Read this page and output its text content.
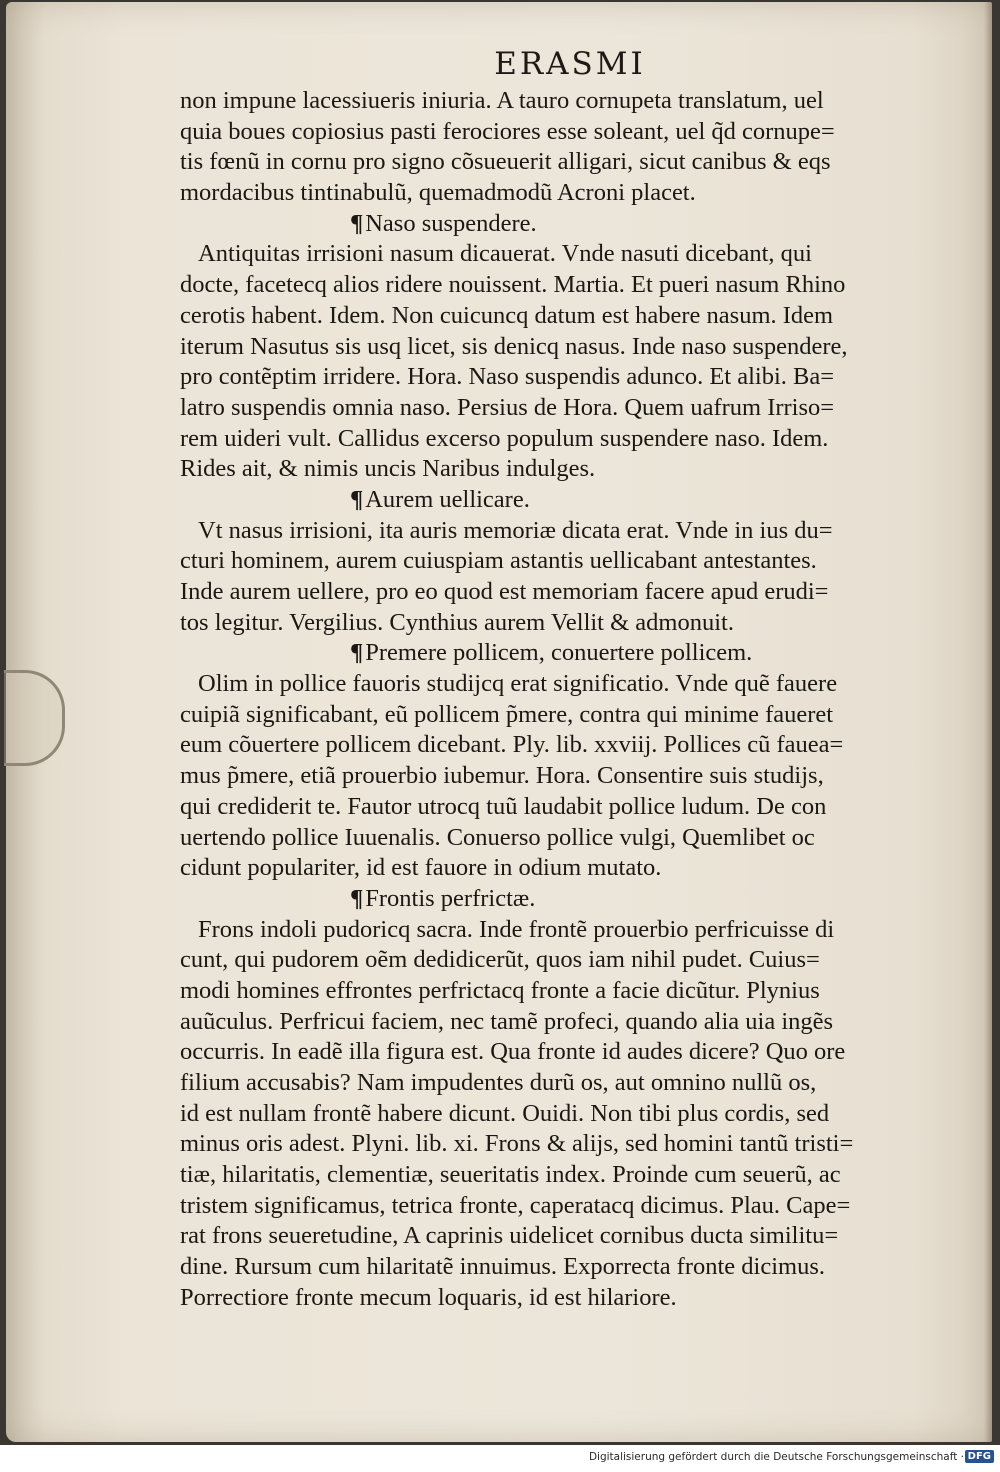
ERASMI
non impune lacessiueris iniuria. A tauro cornupeta translatum, uel
quia boues copiosius pasti ferociores esse soleant, uel q̃d cornupe=
tis fœnũ in cornu pro signo cõsueuerit alligari, sicut canibus & eqs
mordacibus tintinabulũ, quemadmodũ Acroni placet.
¶Naso suspendere.
Antiquitas irrisioni nasum dicauerat. Vnde nasuti dicebant, qui
docte, facetecq alios ridere nouissent. Martia. Et pueri nasum Rhino
cerotis habent. Idem. Non cuicuncq datum est habere nasum. Idem
iterum Nasutus sis usq licet, sis denicq nasus. Inde naso suspendere,
pro contẽptim irridere. Hora. Naso suspendis adunco. Et alibi. Ba=
latro suspendis omnia naso. Persius de Hora. Quem uafrum Irriso=
rem uideri vult. Callidus excerso populum suspendere naso. Idem.
Rides ait, & nimis uncis Naribus indulges.
¶Aurem uellicare.
Vt nasus irrisioni, ita auris memoriæ dicata erat. Vnde in ius du=
cturi hominem, aurem cuiuspiam astantis uellicabant antestantes.
Inde aurem uellere, pro eo quod est memoriam facere apud erudi=
tos legitur. Vergilius. Cynthius aurem Vellit & admonuit.
¶Premere pollicem, conuertere pollicem.
Olim in pollice fauoris studijcq erat significatio. Vnde quẽ fauere
cuipiã significabant, eũ pollicem p̃mere, contra qui minime faueret
eum cõuertere pollicem dicebant. Ply. lib. xxviij. Pollices cũ fauea=
mus p̃mere, etiã prouerbio iubemur. Hora. Consentire suis studijs,
qui crediderit te. Fautor utrocq tuũ laudabit pollice ludum. De con
uertendo pollice Iuuenalis. Conuerso pollice vulgi, Quemlibet oc
cidunt populariter, id est fauore in odium mutato.
¶Frontis perfrictæ.
Frons indoli pudoricq sacra. Inde frontẽ prouerbio perfricuisse di
cunt, qui pudorem oẽm dedidicerũt, quos iam nihil pudet. Cuius=
modi homines effrontes perfrictacq fronte a facie dicũtur. Plynius
auũculus. Perfricui faciem, nec tamẽ profeci, quando alia uia ingẽs
occurris. In eadẽ illa figura est. Qua fronte id audes dicere? Quo ore
filium accusabis? Nam impudentes durũ os, aut omnino nullũ os,
id est nullam frontẽ habere dicunt. Ouidi. Non tibi plus cordis, sed
minus oris adest. Plyni. lib. xi. Frons & alijs, sed homini tantũ tristi=
tiæ, hilaritatis, clementiæ, seueritatis index. Proinde cum seuerũ, ac
tristem significamus, tetrica fronte, caperatacq dicimus. Plau. Cape=
rat frons seueretudine, A caprinis uidelicet cornibus ducta similitu=
dine. Rursum cum hilaritatẽ innuimus. Exporrecta fronte dicimus.
Porrectiore fronte mecum loquaris, id est hilariore.
Digitalisierung gefördert durch die Deutsche Forschungsgemeinschaft · DFG
